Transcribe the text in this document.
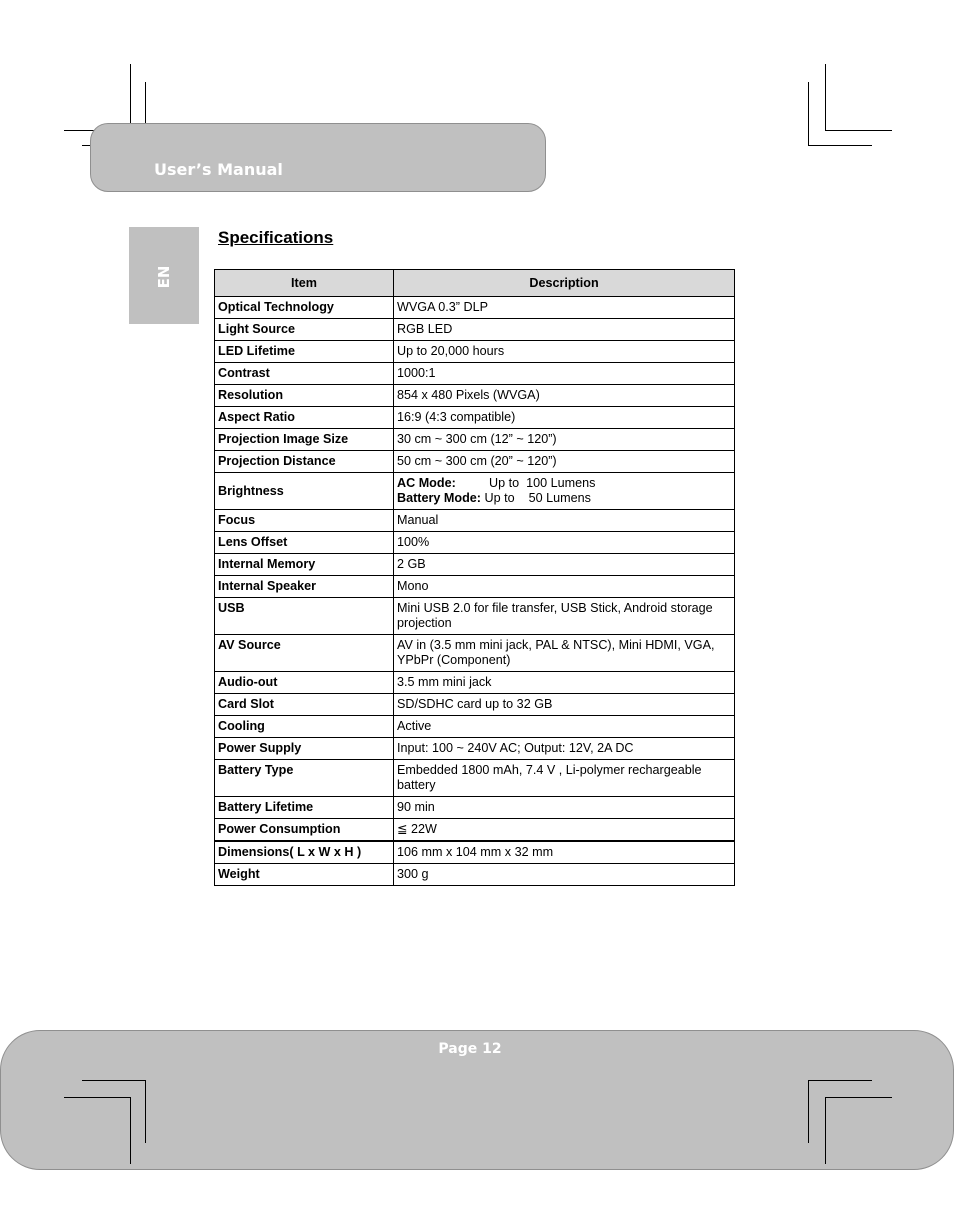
EN
Specifications
Item	Description
Optical Technology	WVGA 0.3” DLP
Light Source	RGB LED
LED Lifetime	Up to 20,000 hours
Contrast	1000:1
Resolution	854 x 480 Pixels (WVGA)
Aspect Ratio	16:9 (4:3 compatible)
Projection Image Size	30 cm ~ 300 cm (12” ~ 120”)
Projection Distance	50 cm ~ 300 cm (20” ~ 120”)
Brightness	AC Mode: Up to  100 Lumens
Battery Mode: Up to    50 Lumens

Focus	Manual
Lens Offset	100%
Internal Memory	2 GB
Internal Speaker	Mono
USB	Mini USB 2.0 for file transfer, USB Stick, Android storage projection
AV Source	AV in (3.5 mm mini jack, PAL & NTSC), Mini HDMI, VGA, YPbPr (Component)
Audio-out	3.5 mm mini jack
Card Slot	SD/SDHC card up to 32 GB
Cooling	Active
Power Supply	Input: 100 ~ 240V AC; Output: 12V, 2A DC
Battery Type	Embedded 1800 mAh, 7.4 V , Li-polymer rechargeable battery
Battery Lifetime	90 min
Power Consumption	≦ 22W
Dimensions( L x W x H )	106 mm x 104 mm x 32 mm
Weight	300 g
Page 12
